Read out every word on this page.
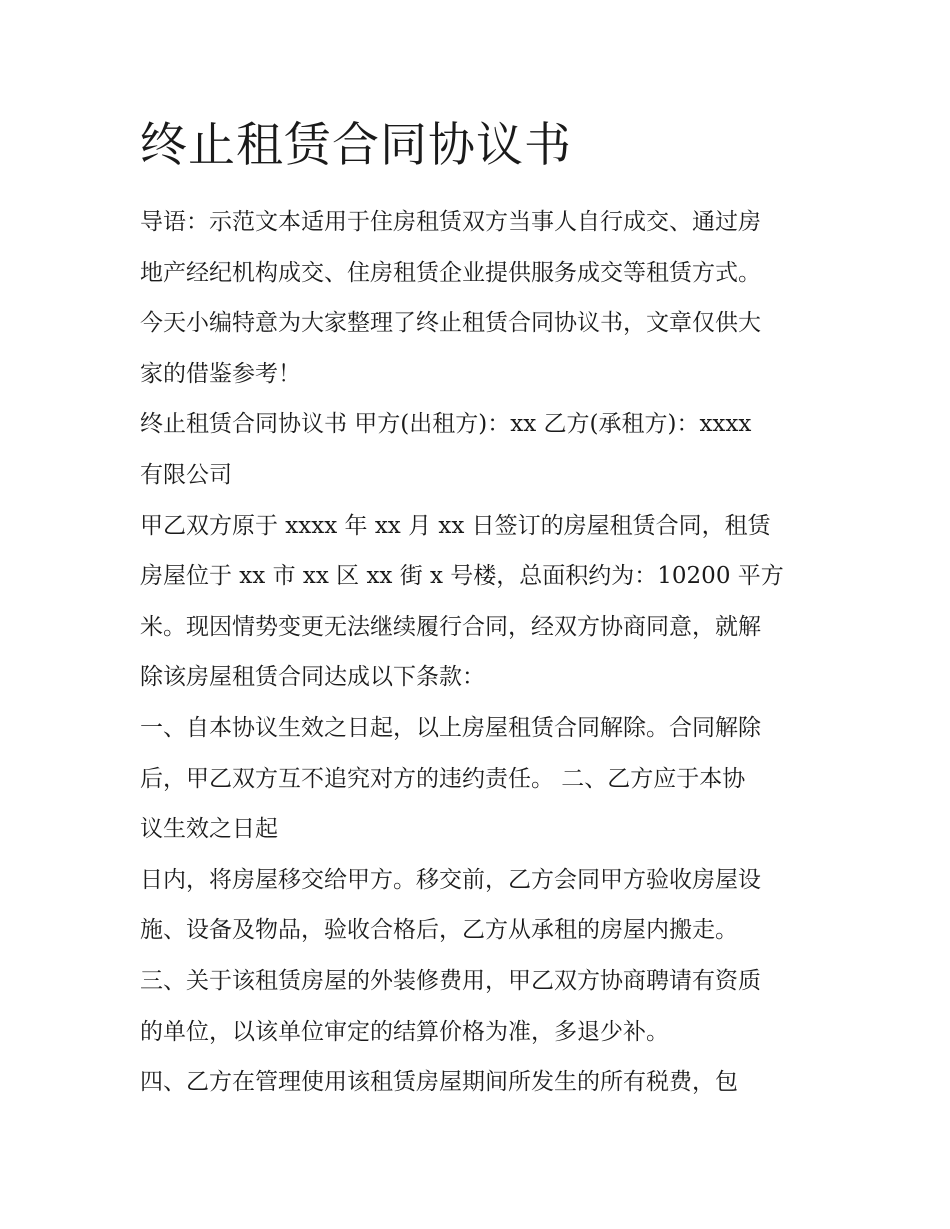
终止租赁合同协议书
导语：示范文本适用于住房租赁双方当事人自行成交、通过房
地产经纪机构成交、住房租赁企业提供服务成交等租赁方式。
今天小编特意为大家整理了终止租赁合同协议书，文章仅供大
家的借鉴参考！
终止租赁合同协议书 甲方(出租方)：xx 乙方(承租方)：xxxx
有限公司
甲乙双方原于 xxxx 年 xx 月 xx 日签订的房屋租赁合同，租赁
房屋位于 xx 市 xx 区 xx 街 x 号楼，总面积约为：10200 平方
米。现因情势变更无法继续履行合同，经双方协商同意，就解
除该房屋租赁合同达成以下条款：
一、自本协议生效之日起，以上房屋租赁合同解除。合同解除
后，甲乙双方互不追究对方的违约责任。 二、乙方应于本协
议生效之日起
日内，将房屋移交给甲方。移交前，乙方会同甲方验收房屋设
施、设备及物品，验收合格后，乙方从承租的房屋内搬走。
三、关于该租赁房屋的外装修费用，甲乙双方协商聘请有资质
的单位，以该单位审定的结算价格为准，多退少补。
四、乙方在管理使用该租赁房屋期间所发生的所有税费，包
